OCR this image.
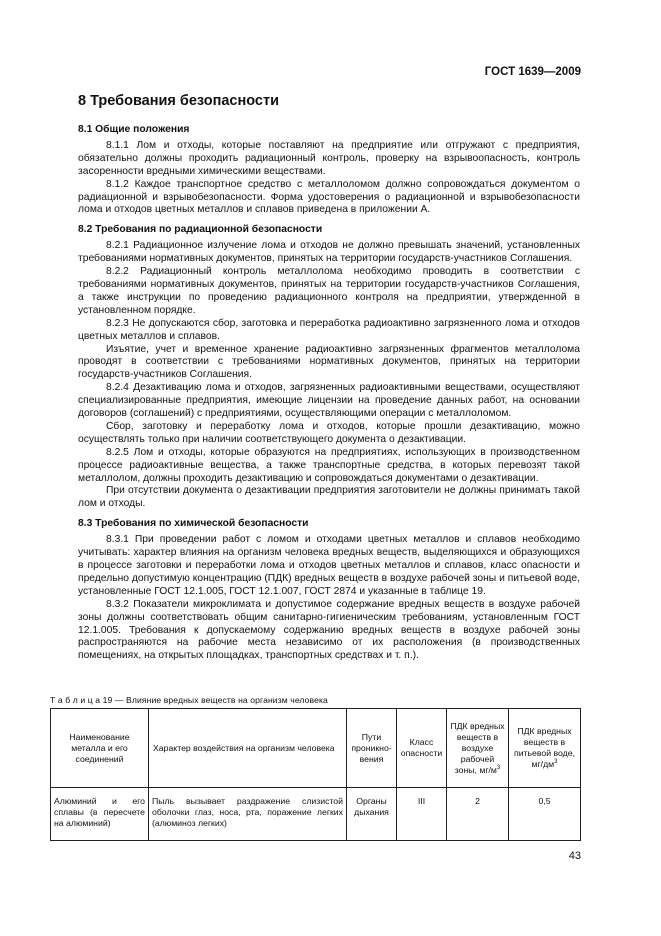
ГОСТ 1639—2009
8 Требования безопасности
8.1 Общие положения

8.1.1 Лом и отходы, которые поставляют на предприятие или отгружают с предприятия, обязательно должны проходить радиационный контроль, проверку на взрывоопасность, контроль засоренности вредными химическими веществами.

8.1.2 Каждое транспортное средство с металлоломом должно сопровождаться документом о радиационной и взрывобезопасности. Форма удостоверения о радиационной и взрывобезопасности лома и отходов цветных металлов и сплавов приведена в приложении А.

8.2 Требования по радиационной безопасности

8.2.1 Радиационное излучение лома и отходов не должно превышать значений, установленных требованиями нормативных документов, принятых на территории государств-участников Соглашения.

8.2.2 Радиационный контроль металлолома необходимо проводить в соответствии с требованиями нормативных документов, принятых на территории государств-участников Соглашения, а также инструкции по проведению радиационного контроля на предприятии, утвержденной в установленном порядке.

8.2.3 Не допускаются сбор, заготовка и переработка радиоактивно загрязненного лома и отходов цветных металлов и сплавов.

Изъятие, учет и временное хранение радиоактивно загрязненных фрагментов металлолома проводят в соответствии с требованиями нормативных документов, принятых на территории государств-участников Соглашения.

8.2.4 Дезактивацию лома и отходов, загрязненных радиоактивными веществами, осуществляют специализированные предприятия, имеющие лицензии на проведение данных работ, на основании договоров (соглашений) с предприятиями, осуществляющими операции с металлоломом.

Сбор, заготовку и переработку лома и отходов, которые прошли дезактивацию, можно осуществлять только при наличии соответствующего документа о дезактивации.

8.2.5 Лом и отходы, которые образуются на предприятиях, использующих в производственном процессе радиоактивные вещества, а также транспортные средства, в которых перевозят такой металлолом, должны проходить дезактивацию и сопровождаться документами о дезактивации.

При отсутствии документа о дезактивации предприятия заготовители не должны принимать такой лом и отходы.

8.3 Требования по химической безопасности

8.3.1 При проведении работ с ломом и отходами цветных металлов и сплавов необходимо учитывать: характер влияния на организм человека вредных веществ, выделяющихся и образующихся в процессе заготовки и переработки лома и отходов цветных металлов и сплавов, класс опасности и предельно допустимую концентрацию (ПДК) вредных веществ в воздухе рабочей зоны и питьевой воде, установленные ГОСТ 12.1.005, ГОСТ 12.1.007, ГОСТ 2874 и указанные в таблице 19.

8.3.2 Показатели микроклимата и допустимое содержание вредных веществ в воздухе рабочей зоны должны соответствовать общим санитарно-гигиеническим требованиям, установленным ГОСТ 12.1.005. Требования к допускаемому содержанию вредных веществ в воздухе рабочей зоны распространяются на рабочие места независимо от их расположения (в производственных помещениях, на открытых площадках, транспортных средствах и т. п.).

Т а б л и ц а 19 — Влияние вредных веществ на организм человека
Наименование металла и его соединений	Характер воздействия на организм человека	Пути проникно-вения	Класс опасности	ПДК вредных веществ в воздухе рабочей зоны, $мг/м^3$	ПДК вредных веществ в питьевой воде, $мг/дм^3$
Алюминий и его сплавы (в пересчете на алюминий)	Пыль вызывает раздражение слизистой оболочки глаз, носа, рта, поражение легких (алюминоз легких)	Органы дыхания	III	2	0,5
43
